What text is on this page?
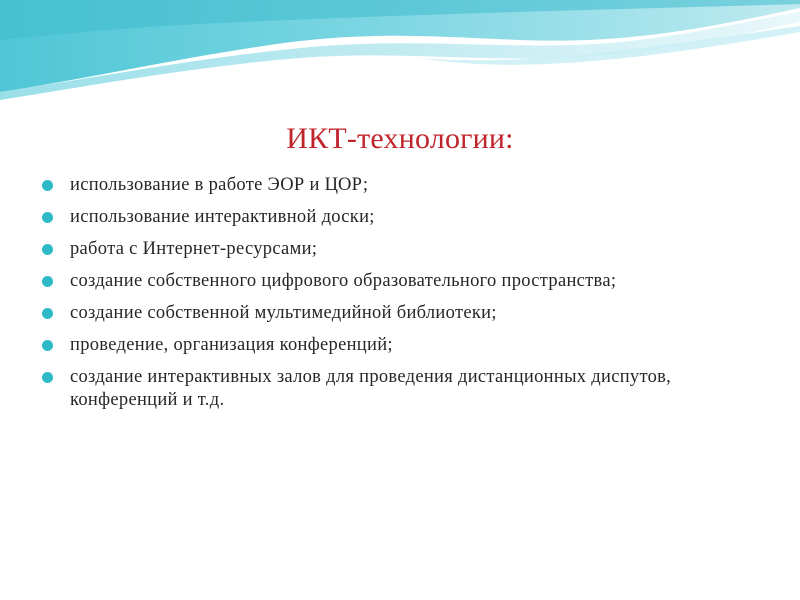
ИКТ-технологии:
использование в работе ЭОР и ЦОР;
использование интерактивной доски;
работа с Интернет-ресурсами;
создание собственного цифрового образовательного пространства;
создание собственной мультимедийной библиотеки;
проведение, организация конференций;
создание интерактивных залов для проведения дистанционных диспутов, конференций и т.д.
